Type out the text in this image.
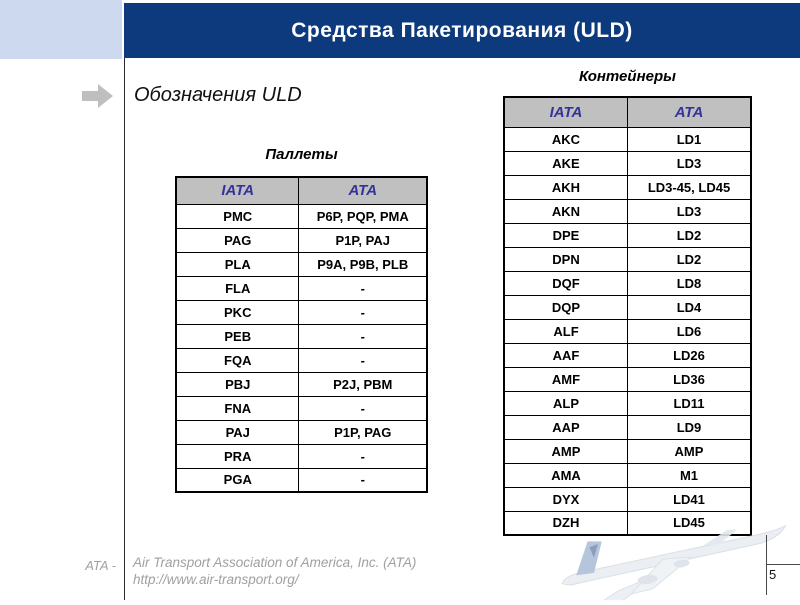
Средства Пакетирования (ULD)
Обозначения ULD
Паллеты
IATA	ATA
PMC	P6P, PQP, PMA
PAG	P1P, PAJ
PLA	P9A, P9B, PLB
FLA	-
PKC	-
PEB	-
FQA	-
PBJ	P2J, PBM
FNA	-
PAJ	P1P, PAG
PRA	-
PGA	-
Контейнеры
IATA	ATA
AKC	LD1
AKE	LD3
AKH	LD3-45, LD45
AKN	LD3
DPE	LD2
DPN	LD2
DQF	LD8
DQP	LD4
ALF	LD6
AAF	LD26
AMF	LD36
ALP	LD11
AAP	LD9
AMP	AMP
AMA	M1
DYX	LD41
DZH	LD45
ATA - Air Transport Association of America, Inc. (ATA)
http://www.air-transport.org/	5
